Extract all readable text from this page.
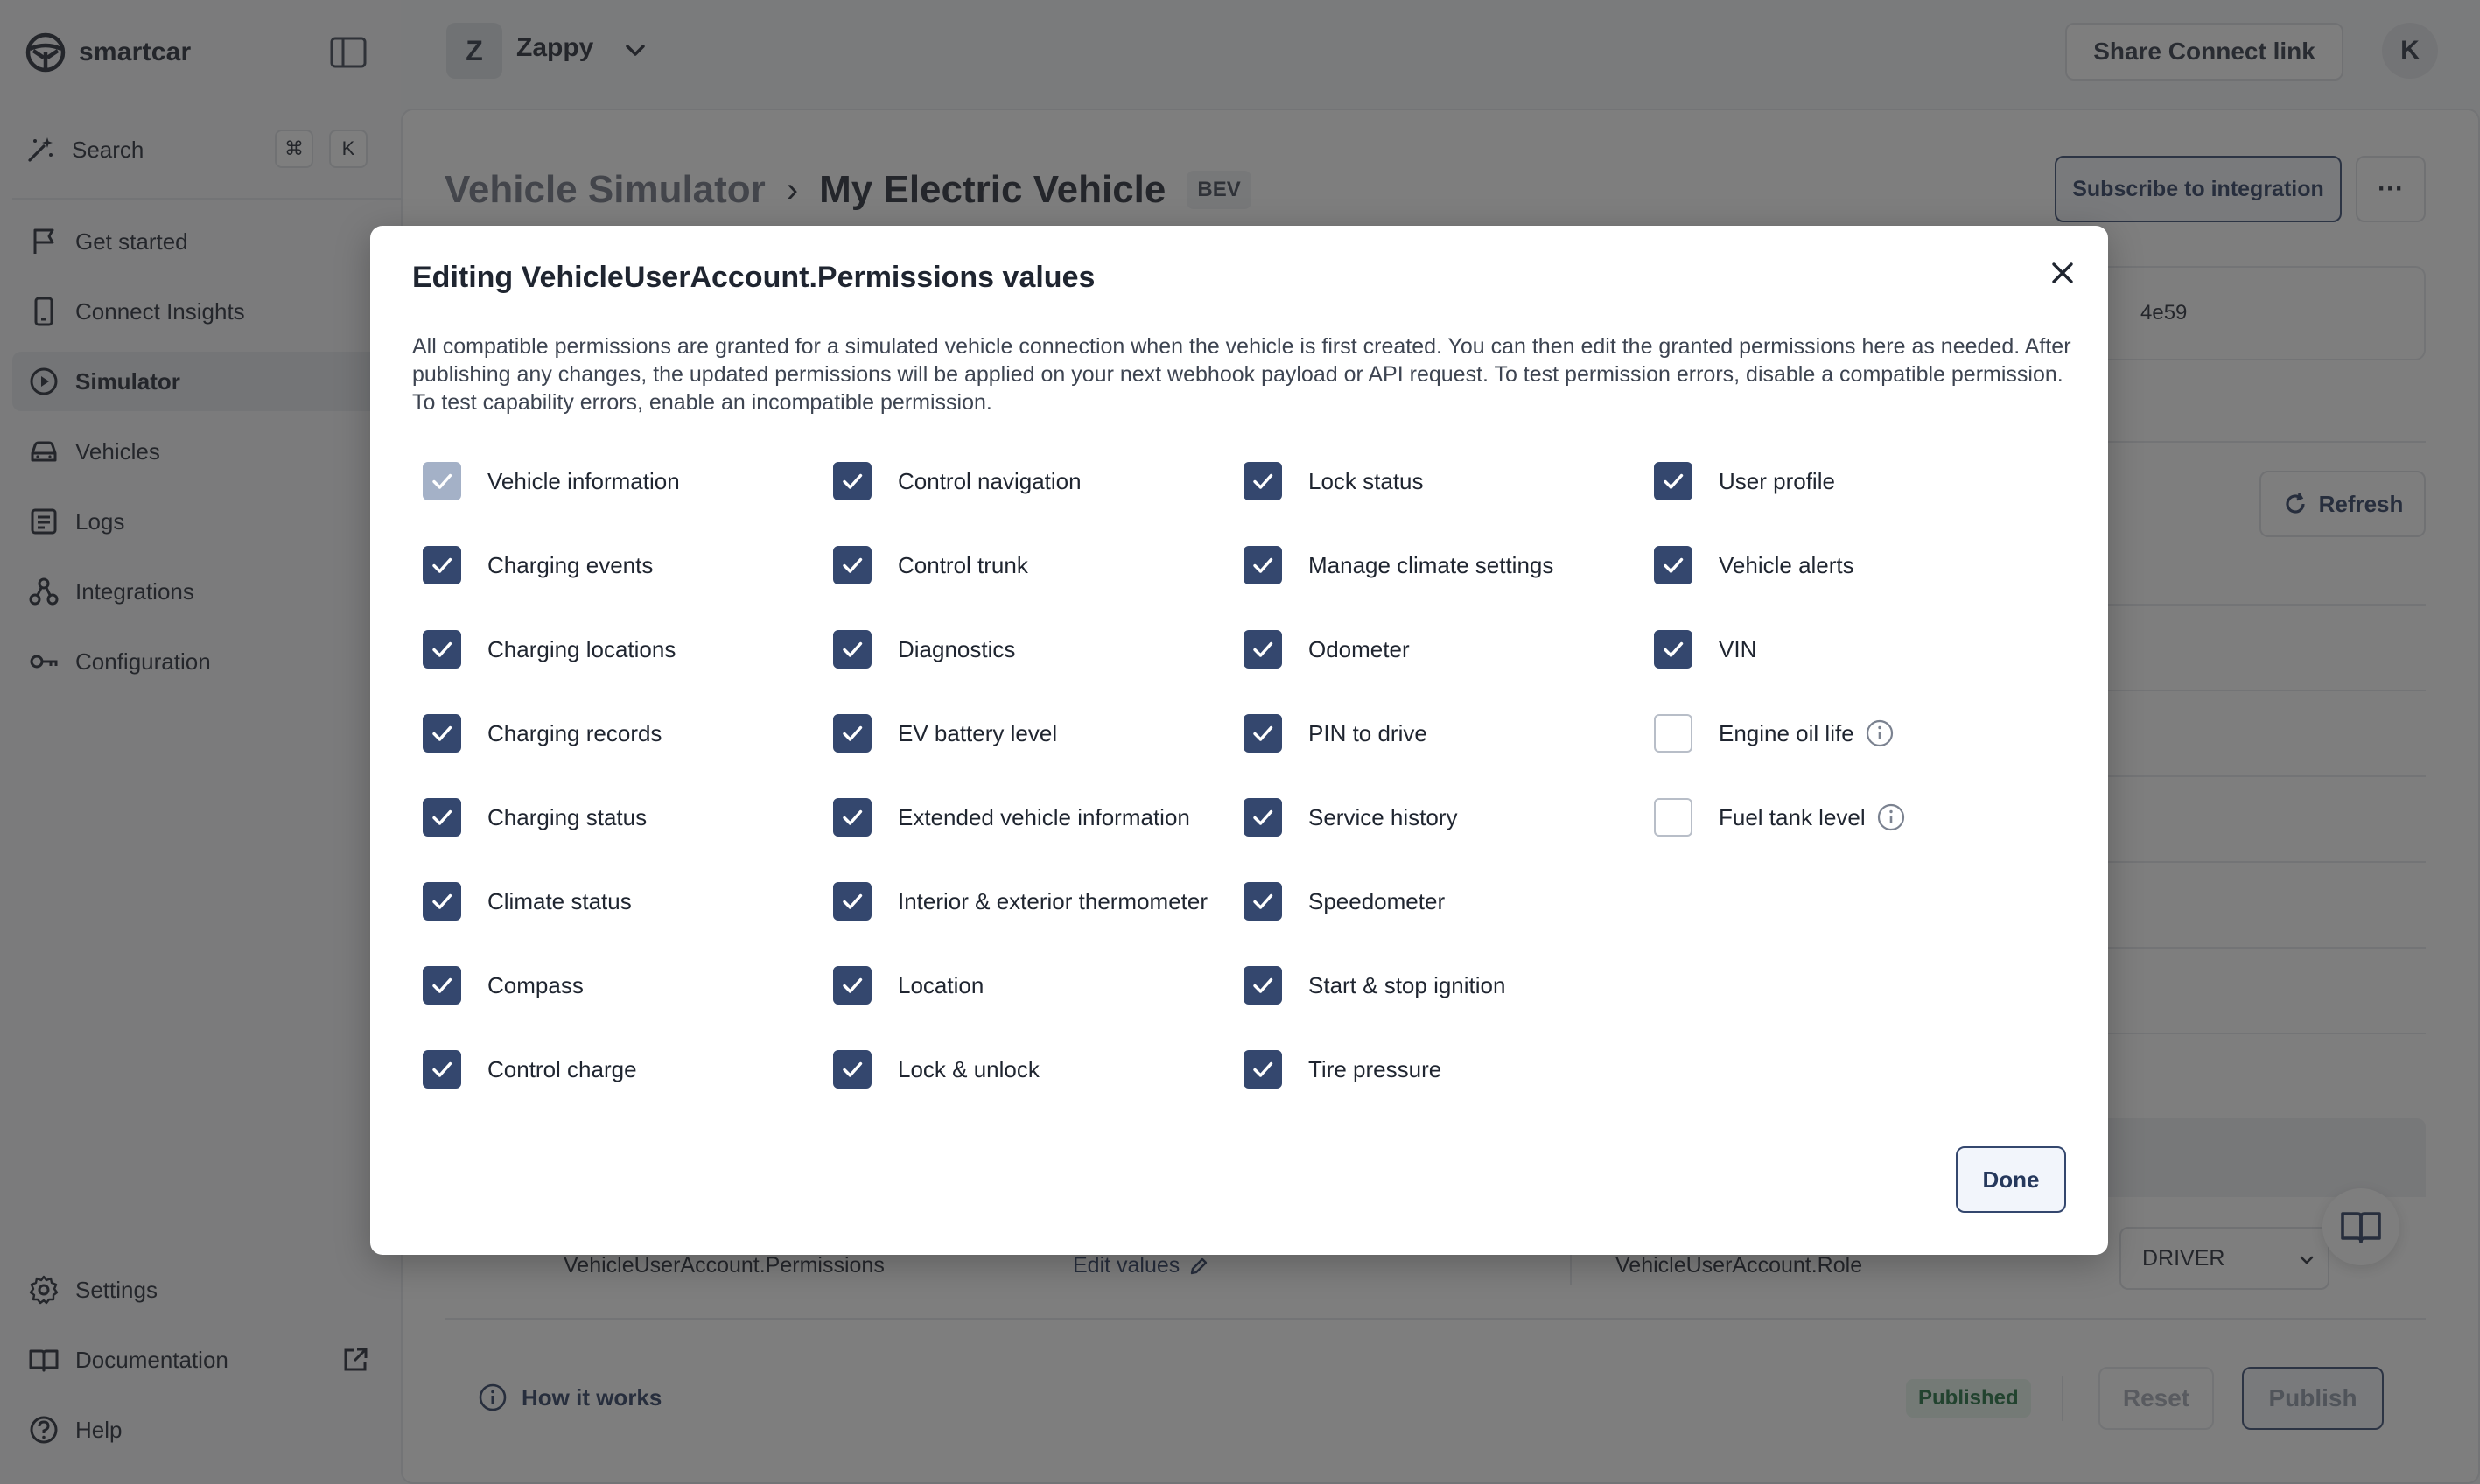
Editing VehicleUserAccount.Permissions values
All compatible permissions are granted for a simulated vehicle connection when the vehicle is first created. You can then edit the granted permissions here as needed. After publishing any changes, the updated permissions will be applied on your next webhook payload or API request. To test permission errors, disable a compatible permission. To test capability errors, enable an incompatible permission.
Vehicle information
Charging events
Charging locations
Charging records
Charging status
Climate status
Compass
Control charge
Control navigation
Control trunk
Diagnostics
EV battery level
Extended vehicle information
Interior & exterior thermometer
Location
Lock & unlock
Lock status
Manage climate settings
Odometer
PIN to drive
Service history
Speedometer
Start & stop ignition
Tire pressure
User profile
Vehicle alerts
VIN
Engine oil life
Fuel tank level
Done
